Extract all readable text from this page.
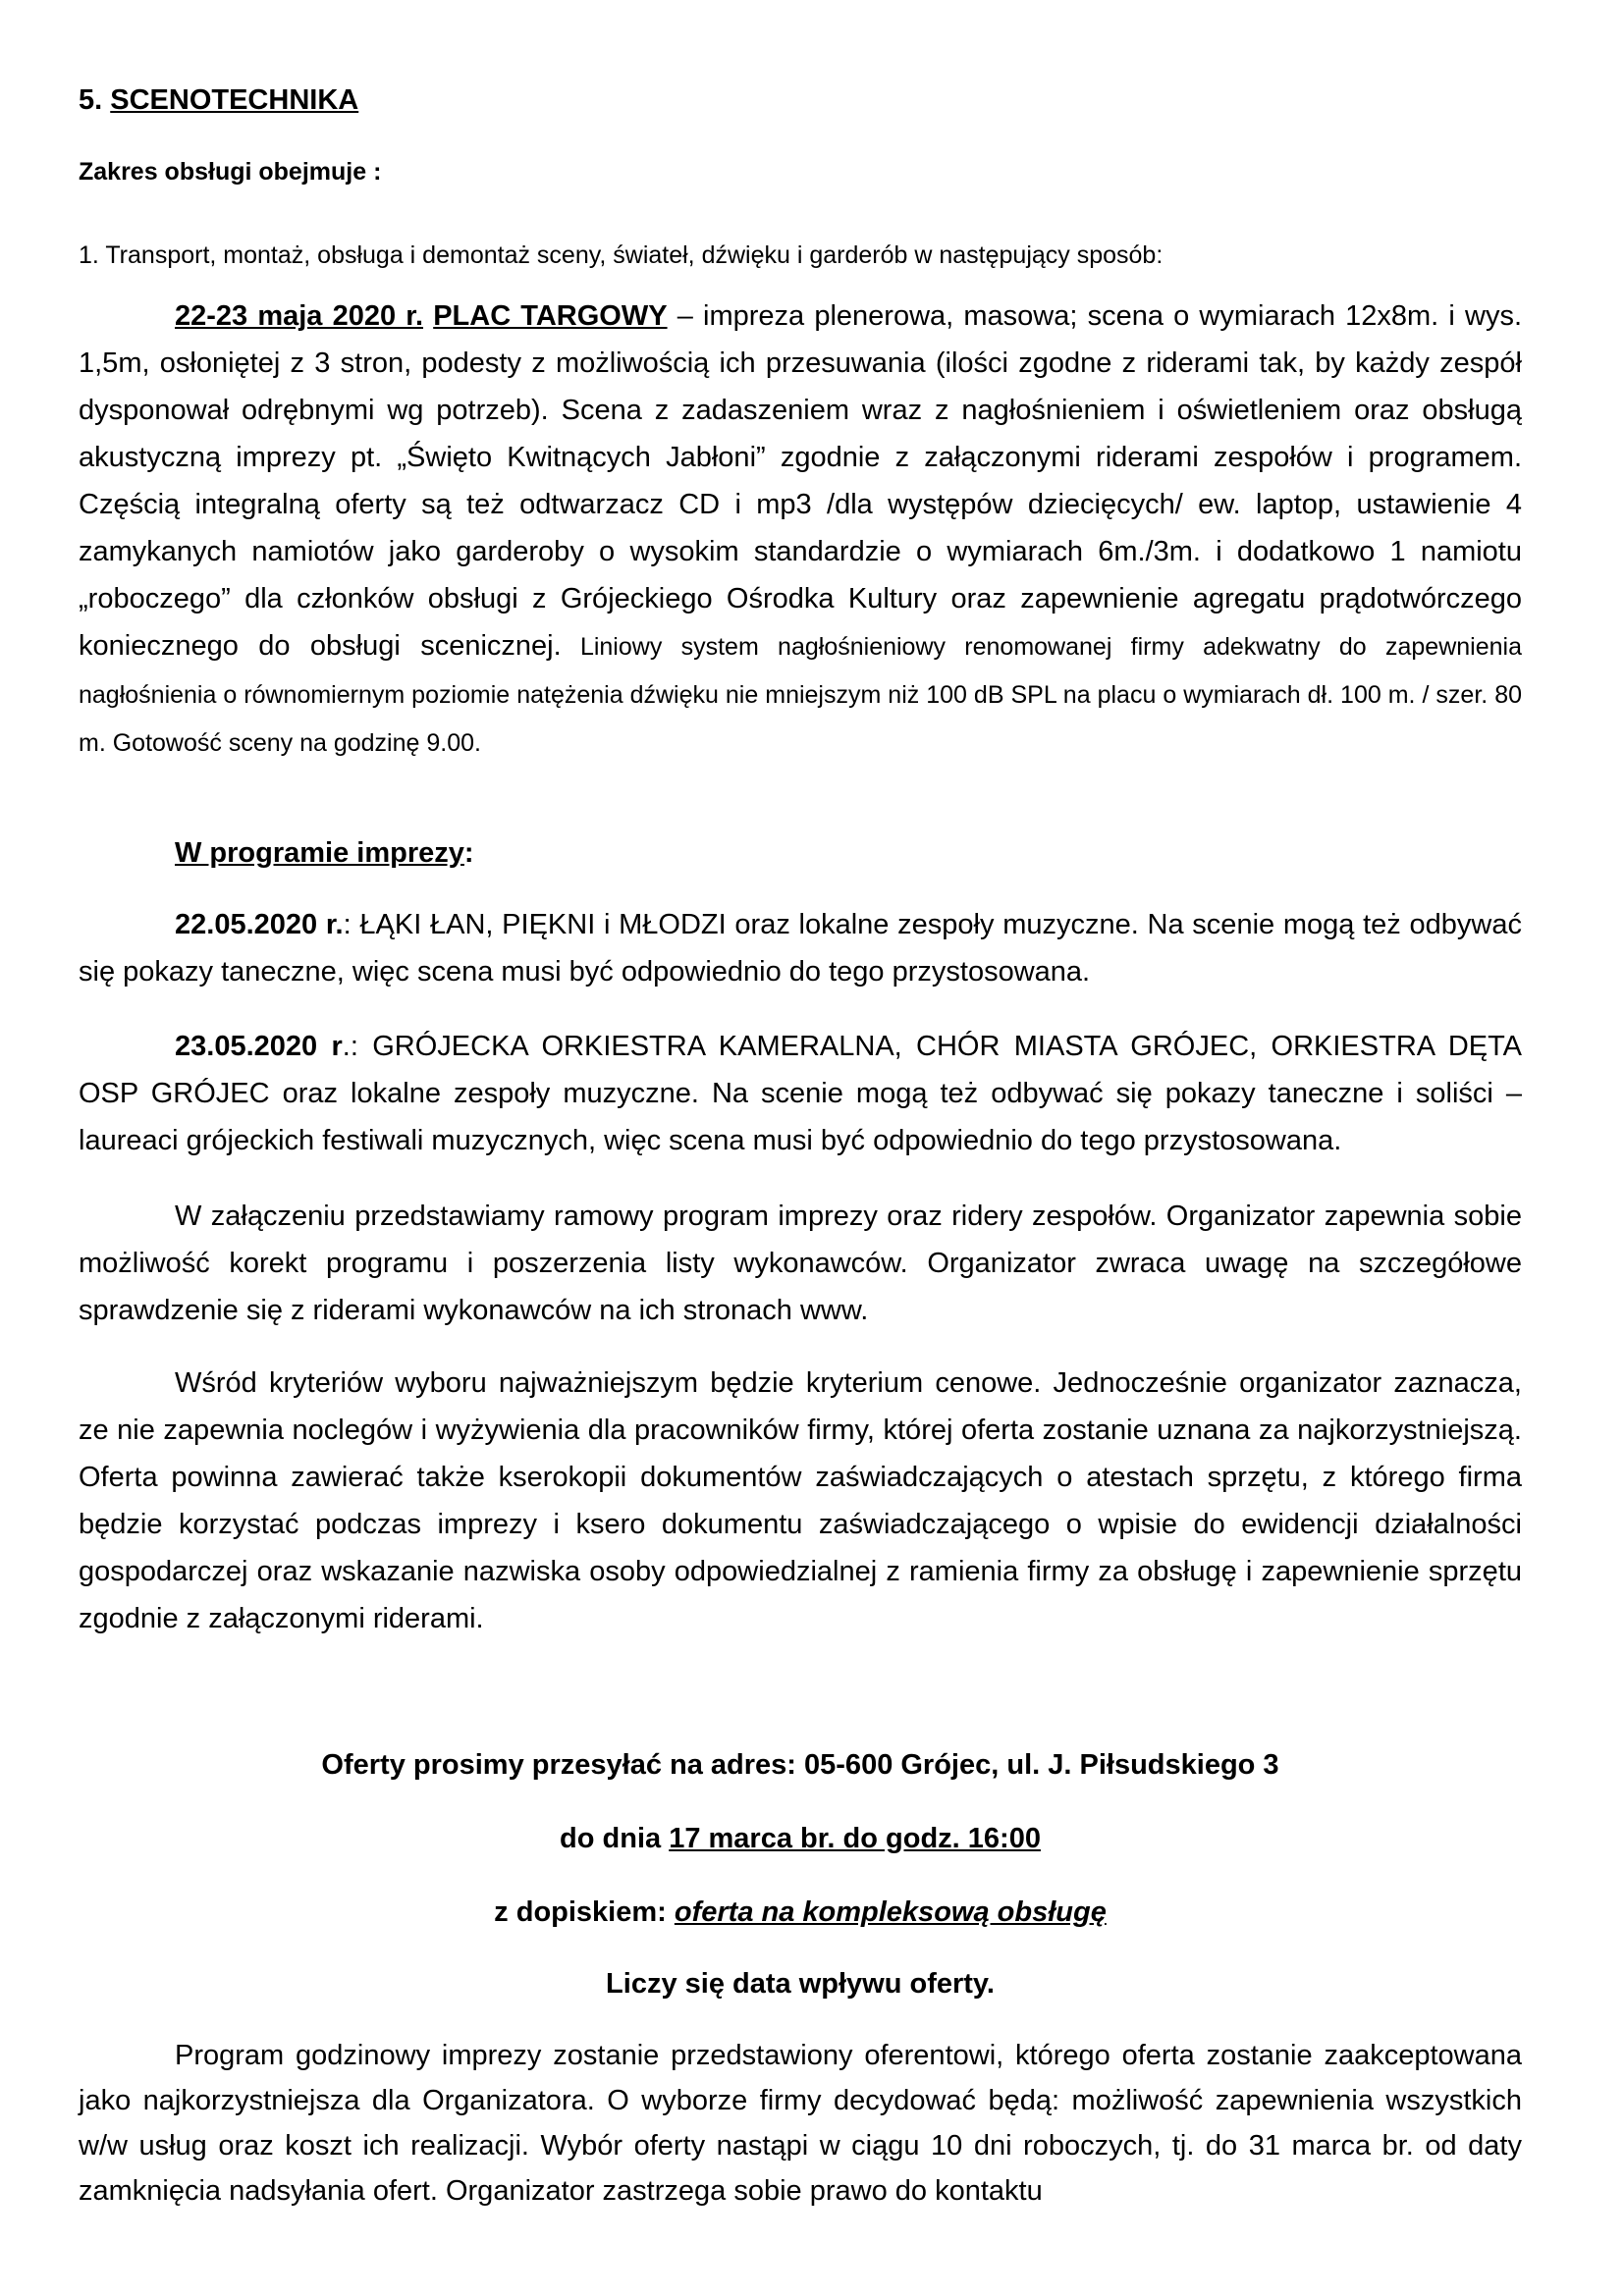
5. SCENOTECHNIKA
Zakres obsługi obejmuje :
1. Transport, montaż, obsługa i demontaż sceny, świateł, dźwięku i garderób w następujący sposób:

22-23 maja 2020 r. PLAC TARGOWY – impreza plenerowa, masowa; scena o wymiarach 12x8m. i wys. 1,5m, osłoniętej z 3 stron, podesty z możliwością ich przesuwania (ilości zgodne z riderami tak, by każdy zespół dysponował odrębnymi wg potrzeb). Scena z zadaszeniem wraz z nagłośnieniem i oświetleniem oraz obsługą akustyczną imprezy pt. „Święto Kwitnących Jabłoni” zgodnie z załączonymi riderami zespołów i programem. Częścią integralną oferty są też odtwarzacz CD i mp3 /dla występów dziecięcych/ ew. laptop, ustawienie 4 zamykanych namiotów jako garderoby o wysokim standardzie o wymiarach 6m./3m. i dodatkowo 1 namiotu „roboczego” dla członków obsługi z Grójeckiego Ośrodka Kultury oraz zapewnienie agregatu prądotwórczego koniecznego do obsługi scenicznej. Liniowy system nagłośnieniowy renomowanej firmy adekwatny do zapewnienia nagłośnienia o równomiernym poziomie natężenia dźwięku nie mniejszym niż 100 dB SPL na placu o wymiarach dł. 100 m. / szer. 80 m. Gotowość sceny na godzinę 9.00.

W programie imprezy:

22.05.2020 r.: ŁĄKI ŁAN, PIĘKNI i MŁODZI oraz lokalne zespoły muzyczne. Na scenie mogą też odbywać się pokazy taneczne, więc scena musi być odpowiednio do tego przystosowana.

23.05.2020 r.: GRÓJECKA ORKIESTRA KAMERALNA, CHÓR MIASTA GRÓJEC, ORKIESTRA DĘTA OSP GRÓJEC oraz lokalne zespoły muzyczne. Na scenie mogą też odbywać się pokazy taneczne i soliści – laureaci grójeckich festiwali muzycznych, więc scena musi być odpowiednio do tego przystosowana.

W załączeniu przedstawiamy ramowy program imprezy oraz ridery zespołów. Organizator zapewnia sobie możliwość korekt programu i poszerzenia listy wykonawców. Organizator zwraca uwagę na szczegółowe sprawdzenie się z riderami wykonawców na ich stronach www.

Wśród kryteriów wyboru najważniejszym będzie kryterium cenowe. Jednocześnie organizator zaznacza, ze nie zapewnia noclegów i wyżywienia dla pracowników firmy, której oferta zostanie uznana za najkorzystniejszą. Oferta powinna zawierać także kserokopii dokumentów zaświadczających o atestach sprzętu, z którego firma będzie korzystać podczas imprezy i ksero dokumentu zaświadczającego o wpisie do ewidencji działalności gospodarczej oraz wskazanie nazwiska osoby odpowiedzialnej z ramienia firmy za obsługę i zapewnienie sprzętu zgodnie z załączonymi riderami.

Oferty prosimy przesyłać na adres: 05-600 Grójec, ul. J. Piłsudskiego 3
do dnia 17 marca br. do godz. 16:00
z dopiskiem: oferta na kompleksową obsługę
Liczy się data wpływu oferty.

Program godzinowy imprezy zostanie przedstawiony oferentowi, którego oferta zostanie zaakceptowana jako najkorzystniejsza dla Organizatora. O wyborze firmy decydować będą: możliwość zapewnienia wszystkich w/w usług oraz koszt ich realizacji. Wybór oferty nastąpi w ciągu 10 dni roboczych, tj. do 31 marca br. od daty zamknięcia nadsyłania ofert. Organizator zastrzega sobie prawo do kontaktu
